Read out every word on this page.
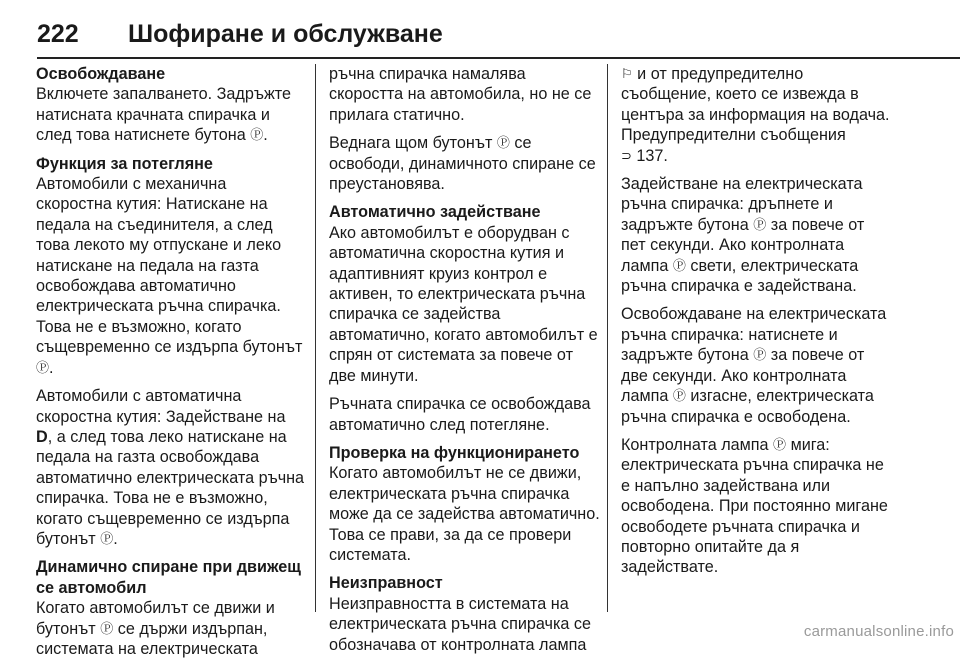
222 Шофиране и обслужване

Освобождаване

Включете запалването. Задръжте натисната крачната спирачка и след това натиснете бутона Ⓟ.

Функция за потегляне

Автомобили с механична скоростна кутия: Натискане на педала на съединителя, а след това лекото му отпускане и леко натискане на педала на газта освобождава автоматично електрическата ръчна спирачка. Това не е възможно, когато същевременно се издърпа бутонът Ⓟ.

Автомобили с автоматична скоростна кутия: Задействане на D, а след това леко натискане на педала на газта освобождава автоматично електрическата ръчна спирачка. Това не е възможно, когато същевременно се издърпа бутонът Ⓟ.

Динамично спиране при движещ се автомобил

Когато автомобилът се движи и бутонът Ⓟ се държи издърпан, системата на електрическата

ръчна спирачка намалява скоростта на автомобила, но не се прилага статично.

Веднага щом бутонът Ⓟ се освободи, динамичното спиране се преустановява.

Автоматично задействане

Ако автомобилът е оборудван с автоматична скоростна кутия и адаптивният круиз контрол е активен, то електрическата ръчна спирачка се задейства автоматично, когато автомобилът е спрян от системата за повече от две минути.

Ръчната спирачка се освобождава автоматично след потегляне.

Проверка на функционирането

Когато автомобилът не се движи, електрическата ръчна спирачка може да се задейства автоматично. Това се прави, за да се провери системата.

Неизправност

Неизправността в системата на електрическата ръчна спирачка се обозначава от контролната лампа

⚐ и от предупредително съобщение, което се извежда в центъра за информация на водача. Предупредителни съобщения
⊃ 137.

Задействане на електрическата ръчна спирачка: дръпнете и задръжте бутона Ⓟ за повече от пет секунди. Ако контролната лампа Ⓟ свети, електрическата ръчна спирачка е задействана.

Освобождаване на електрическата ръчна спирачка: натиснете и задръжте бутона Ⓟ за повече от две секунди. Ако контролната лампа Ⓟ изгасне, електрическата ръчна спирачка е освободена.

Контролната лампа Ⓟ мига: електрическата ръчна спирачка не е напълно задействана или освободена. При постоянно мигане освободете ръчната спирачка и повторно опитайте да я задействате.

carmanualsonline.info
